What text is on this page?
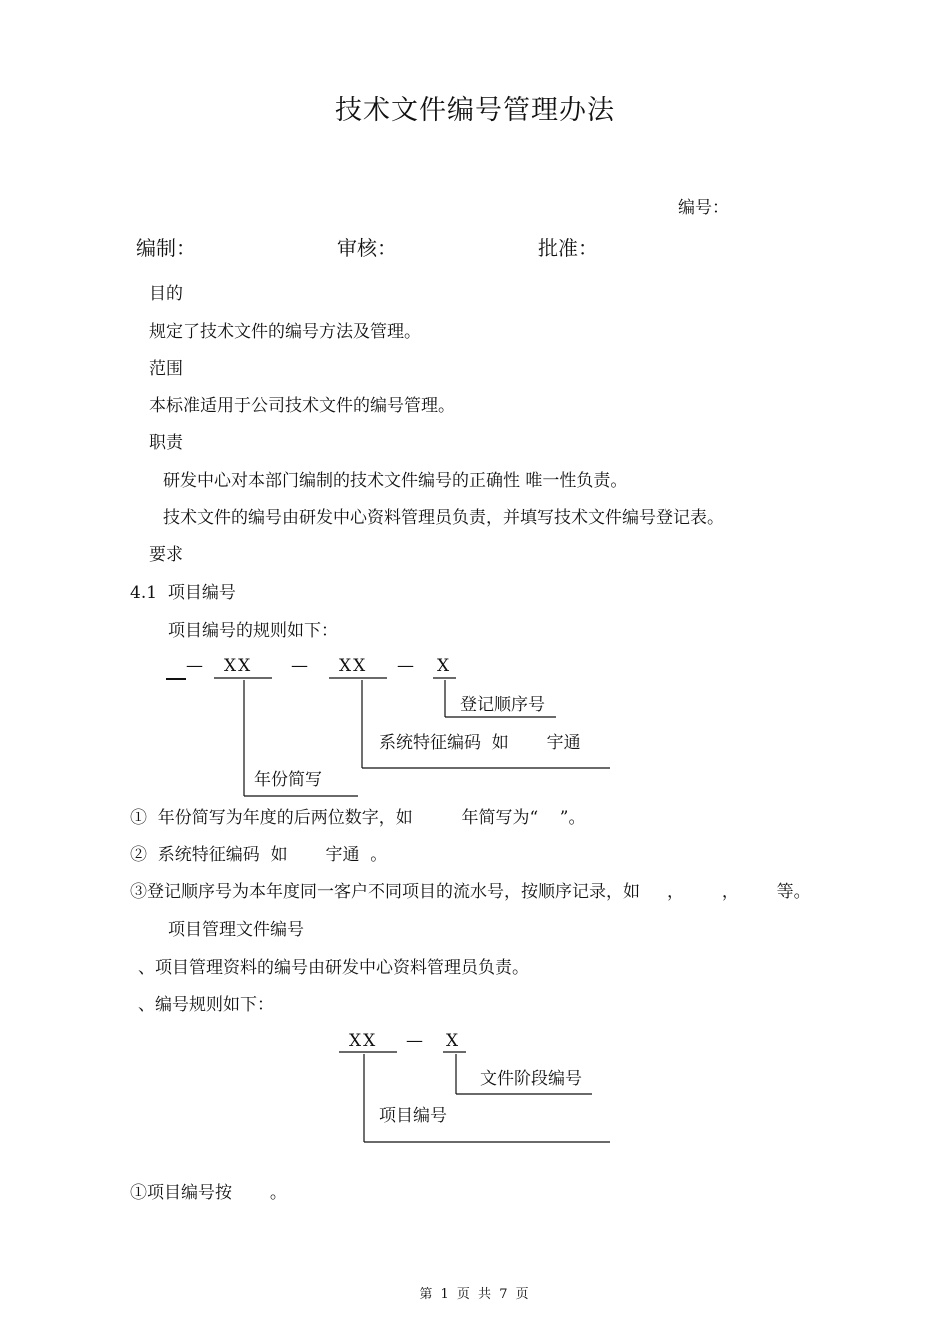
技术文件编号管理办法
编号：
编制：	审核：	批准：
目的
规定了技术文件的编号方法及管理。
范围
本标准适用于公司技术文件的编号管理。
职责
研发中心对本部门编制的技术文件编号的正确性 唯一性负责。
技术文件的编号由研发中心资料管理员负责，并填写技术文件编号登记表。
要求
4.1  项目编号
项目编号的规则如下：
— XX — XX — X
登记顺序号
系统特征编码  如       宇通
年份简写
①  年份简写为年度的后两位数字，如         年简写为“    ”。
②  系统特征编码  如       宇通  。
③登记顺序号为本年度同一客户不同项目的流水号，按顺序记录，如     ，       ，       等。
项目管理文件编号
、项目管理资料的编号由研发中心资料管理员负责。
、编号规则如下：
XX — X
文件阶段编号
项目编号
①项目编号按       。
第 1 页 共 7 页
